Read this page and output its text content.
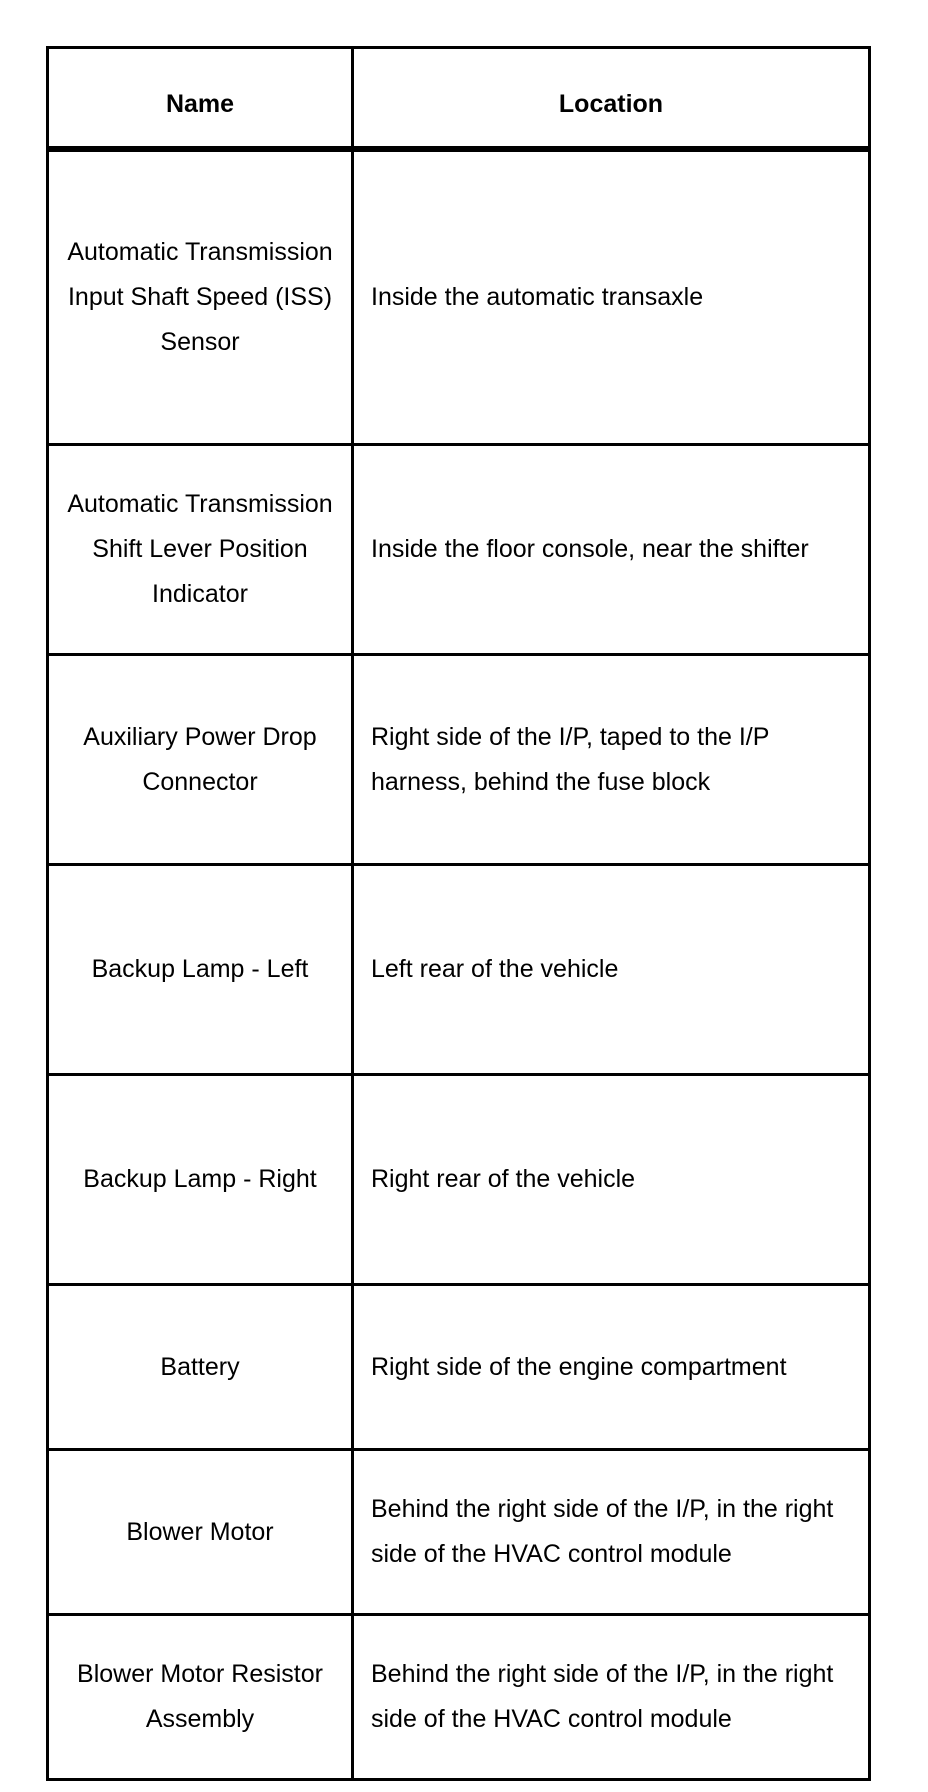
Name	Location
Automatic Transmission Input Shaft Speed (ISS) Sensor	Inside the automatic transaxle
Automatic Transmission Shift Lever Position Indicator	Inside the floor console, near the shifter
Auxiliary Power Drop Connector	Right side of the I/P, taped to the I/P harness, behind the fuse block
Backup Lamp - Left	Left rear of the vehicle
Backup Lamp - Right	Right rear of the vehicle
Battery	Right side of the engine compartment
Blower Motor	Behind the right side of the I/P, in the right side of the HVAC control module
Blower Motor Resistor Assembly	Behind the right side of the I/P, in the right side of the HVAC control module
